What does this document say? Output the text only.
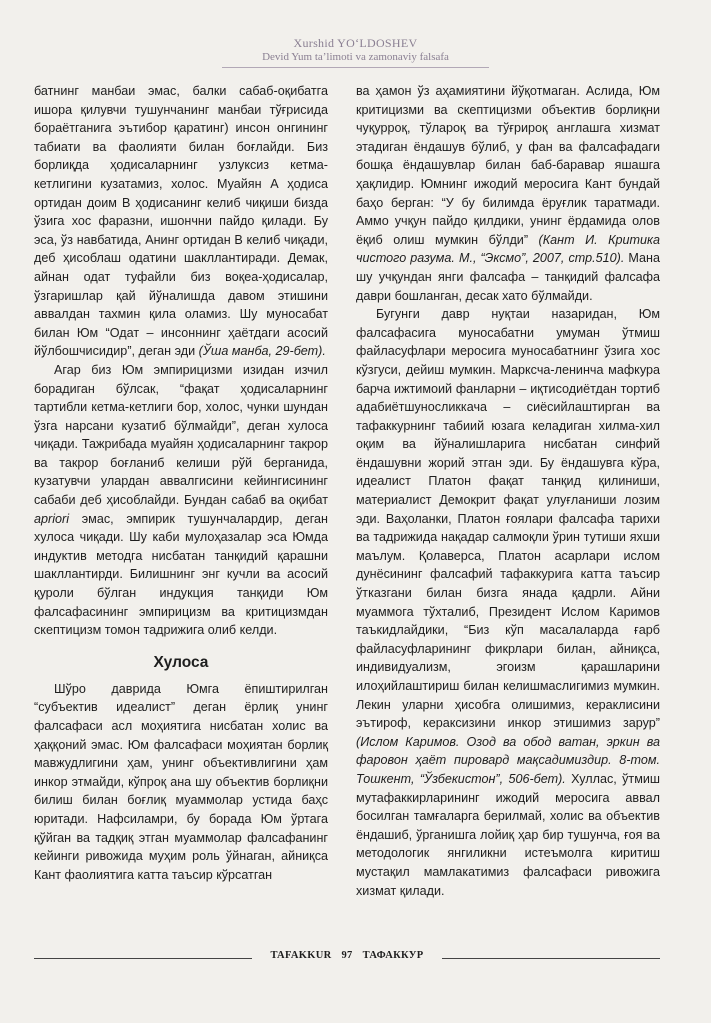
Xurshid YO‘LDOSHEV
Devid Yum ta’limoti va zamonaviy falsafa

батнинг манбаи эмас, балки сабаб-оқибатга ишора қилувчи тушунчанинг манбаи тўғрисида бораётганига эътибор қаратинг) инсон онгининг табиати ва фаолияти билан боғлайди. Биз борлиқда ҳодисаларнинг узлуксиз кетма-кетлигини кузатамиз, холос. Муайян А ҳодиса ортидан доим В ҳодисанинг келиб чиқиши бизда ўзига хос фаразни, ишончни пайдо қилади. Бу эса, ўз навбатида, Анинг ортидан В келиб чиқади, деб ҳисоблаш одатини шакллантиради. Демак, айнан одат туфайли биз воқеа-ҳодисалар, ўзгаришлар қай йўналишда давом этишини аввалдан тахмин қила оламиз. Шу муносабат билан Юм “Одат – инсоннинг ҳаётдаги асосий йўлбошчисидир”, деган эди (Ўша манба, 29-бет).

Агар биз Юм эмпирицизми изидан изчил борадиган бўлсак, “фақат ҳодисаларнинг тартибли кетма-кетлиги бор, холос, чунки шундан ўзга нарсани кузатиб бўлмайди”, деган хулоса чиқади. Тажрибада муайян ҳодисаларнинг такрор ва такрор боғланиб келиши рўй берганида, кузатувчи улардан аввалгисини кейингисининг сабаби деб ҳисоблайди. Бундан сабаб ва оқибат apriori эмас, эмпирик тушунчалардир, деган хулоса чиқади. Шу каби мулоҳазалар эса Юмда индуктив методга нисбатан танқидий қарашни шакллантирди. Билишнинг энг кучли ва асосий қуроли бўлган индукция танқиди Юм фалсафасининг эмпирицизм ва критицизмдан скептицизм томон тадрижига олиб келди.

Хулоса

Шўро даврида Юмга ёпиштирилган “субъектив идеалист” деган ёрлиқ унинг фалсафаси асл моҳиятига нисбатан холис ва ҳаққоний эмас. Юм фалсафаси моҳиятан борлиқ мавжудлигини ҳам, унинг объективлигини ҳам инкор этмайди, кўпроқ ана шу объектив борлиқни билиш билан боғлиқ муаммолар устида баҳс юритади. Нафсиламри, бу борада Юм ўртага қўйган ва тадқиқ этган муаммолар фалсафанинг кейинги ривожида муҳим роль ўйнаган, айниқса Кант фаолиятига катта таъсир кўрсатган

ва ҳамон ўз аҳамиятини йўқотмаган. Аслида, Юм критицизми ва скептицизми объектив борлиқни чуқурроқ, тўлароқ ва тўғрироқ англашга хизмат этадиган ёндашув бўлиб, у фан ва фалсафадаги бошқа ёндашувлар билан баб-баравар яшашга ҳақлидир. Юмнинг ижодий меросига Кант бундай баҳо берган: “У бу билимда ёруғлик таратмади. Аммо учқун пайдо қилдики, унинг ёрдамида олов ёқиб олиш мумкин бўлди” (Кант И. Критика чистого разума. М., “Эксмо”, 2007, стр.510). Мана шу учқундан янги фалсафа – танқидий фалсафа даври бошланган, десак хато бўлмайди.

Бугунги давр нуқтаи назаридан, Юм фалсафасига муносабатни умуман ўтмиш файласуфлари меросига муносабатнинг ўзига хос кўзгуси, дейиш мумкин. Марксча-ленинча мафкура барча ижтимоий фанларни – иқтисодиётдан тортиб адабиётшуносликкача – сиёсийлаштирган ва тафаккурнинг табиий юзага келадиган хилма-хил оқим ва йўналишларига нисбатан синфий ёндашувни жорий этган эди. Бу ёндашувга кўра, идеалист Платон фақат танқид қилиниши, материалист Демокрит фақат улуғланиши лозим эди. Ваҳоланки, Платон ғоялари фалсафа тарихи ва тадрижида нақадар салмоқли ўрин тутиши яхши маълум. Қолаверса, Платон асарлари ислом дунёсининг фалсафий тафаккурига катта таъсир ўтказгани билан бизга янада қадрли. Айни муаммога тўхталиб, Президент Ислом Каримов таъкидлайдики, “Биз кўп масалаларда ғарб файласуфларининг фикрлари билан, айниқса, индивидуализм, эгоизм қарашларини илоҳийлаштириш билан келишмаслигимиз мумкин. Лекин уларни ҳисобга олишимиз, кераклисини эътироф, кераксизини инкор этишимиз зарур” (Ислом Каримов. Озод ва обод ватан, эркин ва фаровон ҳаёт пировард мақсадимиздир. 8-том. Тошкент, “Ўзбекистон”, 506-бет). Хуллас, ўтмиш мутафаккирларининг ижодий меросига аввал босилган тамғаларга берилмай, холис ва объектив ёндашиб, ўрганишга лойиқ ҳар бир тушунча, ғоя ва методологик янгиликни истеъмолга киритиш мустақил мамлакатимиз фалсафаси ривожига хизмат қилади.

TAFAKKUR 97 ТАФАККУР
